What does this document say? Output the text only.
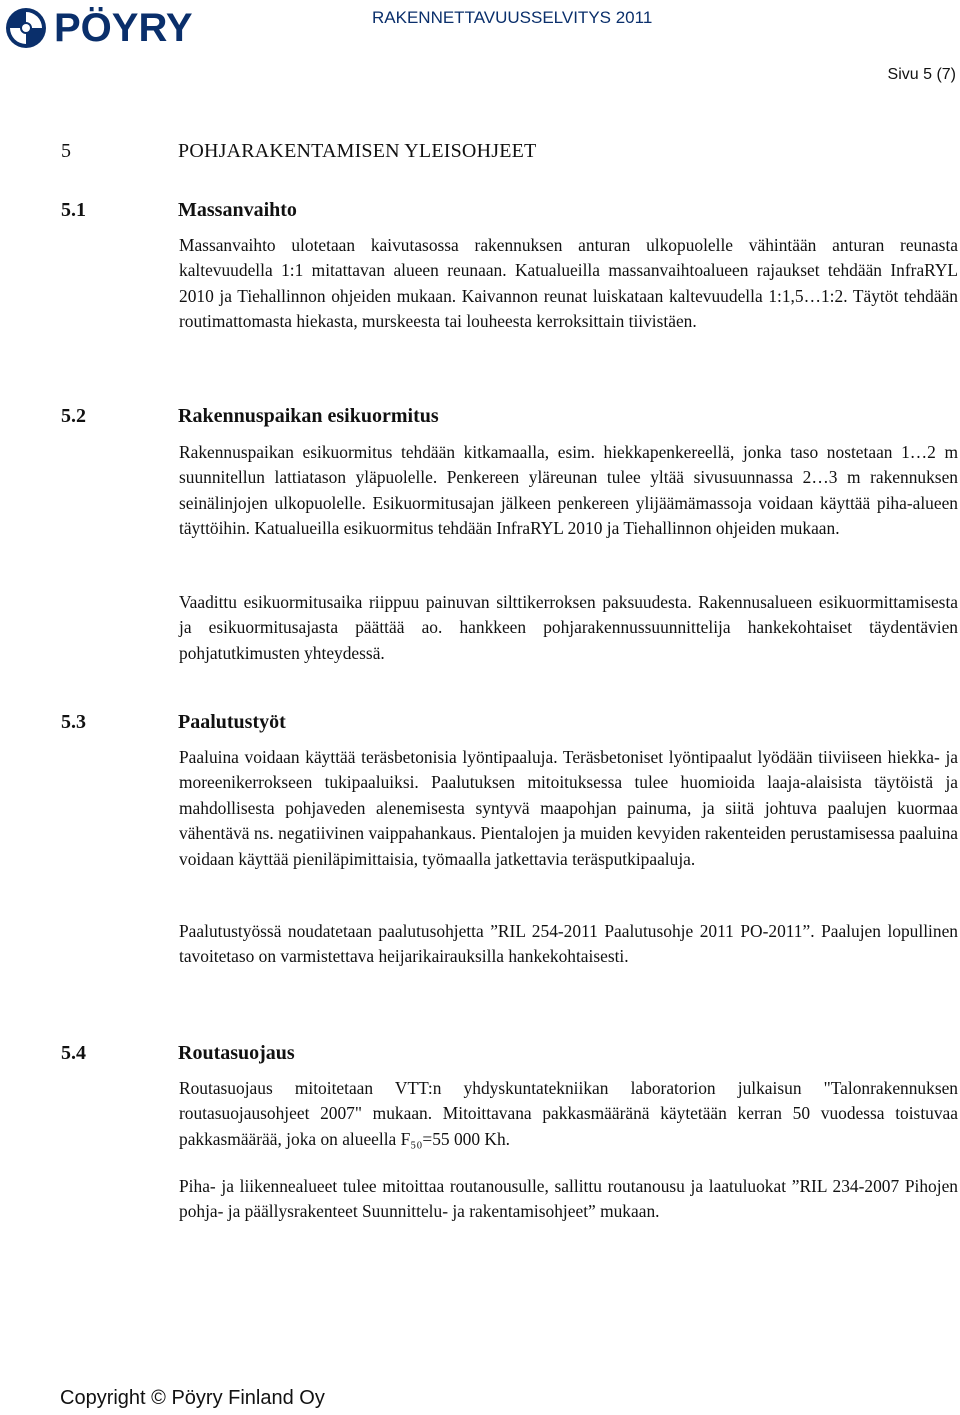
PÖYRY	RAKENNETTAVUUSSELVITYS 2011
Sivu 5 (7)
5	POHJARAKENTAMISEN YLEISOHJEET
5.1	Massanvaihto

Massanvaihto ulotetaan kaivutasossa rakennuksen anturan ulkopuolelle vähintään anturan reunasta kaltevuudella 1:1 mitattavan alueen reunaan. Katualueilla massanvaihtoalueen rajaukset tehdään InfraRYL 2010 ja Tiehallinnon ohjeiden mukaan. Kaivannon reunat luiskataan kaltevuudella 1:1,5…1:2. Täytöt tehdään routimattomasta hiekasta, murskeesta tai louheesta kerroksittain tiivistäen.

5.2	Rakennuspaikan esikuormitus

Rakennuspaikan esikuormitus tehdään kitkamaalla, esim. hiekkapenkereellä, jonka taso nostetaan 1…2 m suunnitellun lattiatason yläpuolelle. Penkereen yläreunan tulee yltää sivusuunnassa 2…3 m rakennuksen seinälinjojen ulkopuolelle. Esikuormitusajan jälkeen penkereen ylijäämämassoja voidaan käyttää piha-alueen täyttöihin. Katualueilla esikuormitus tehdään InfraRYL 2010 ja Tiehallinnon ohjeiden mukaan.

Vaadittu esikuormitusaika riippuu painuvan silttikerroksen paksuudesta. Rakennusalueen esikuormittamisesta ja esikuormitusajasta päättää ao. hankkeen pohjarakennussuunnittelija hankekohtaiset täydentävien pohjatutkimusten yhteydessä.

5.3	Paalutustyöt

Paaluina voidaan käyttää teräsbetonisia lyöntipaaluja. Teräsbetoniset lyöntipaalut lyödään tiiviiseen hiekka- ja moreenikerrokseen tukipaaluiksi. Paalutuksen mitoituksessa tulee huomioida laaja-alaisista täytöistä ja mahdollisesta pohjaveden alenemisesta syntyvä maapohjan painuma, ja siitä johtuva paalujen kuormaa vähentävä ns. negatiivinen vaippahankaus. Pientalojen ja muiden kevyiden rakenteiden perustamisessa paaluina voidaan käyttää pieniläpimittaisia, työmaalla jatkettavia teräsputkipaaluja.

Paalutustyössä noudatetaan paalutusohjetta ”RIL 254-2011 Paalutusohje 2011 PO-2011”. Paalujen lopullinen tavoitetaso on varmistettava heijarikairauksilla hankekohtaisesti.

5.4	Routasuojaus

Routasuojaus mitoitetaan VTT:n yhdyskuntatekniikan laboratorion julkaisun "Talonrakennuksen routasuojausohjeet 2007" mukaan. Mitoittavana pakkasmääränä käytetään kerran 50 vuodessa toistuvaa pakkasmäärää, joka on alueella F₅₀=55 000 Kh.

Piha- ja liikennealueet tulee mitoittaa routanousulle, sallittu routanousu ja laatuluokat ”RIL 234-2007 Pihojen pohja- ja päällysrakenteet Suunnittelu- ja rakentamisohjeet” mukaan.

Copyright © Pöyry Finland Oy
